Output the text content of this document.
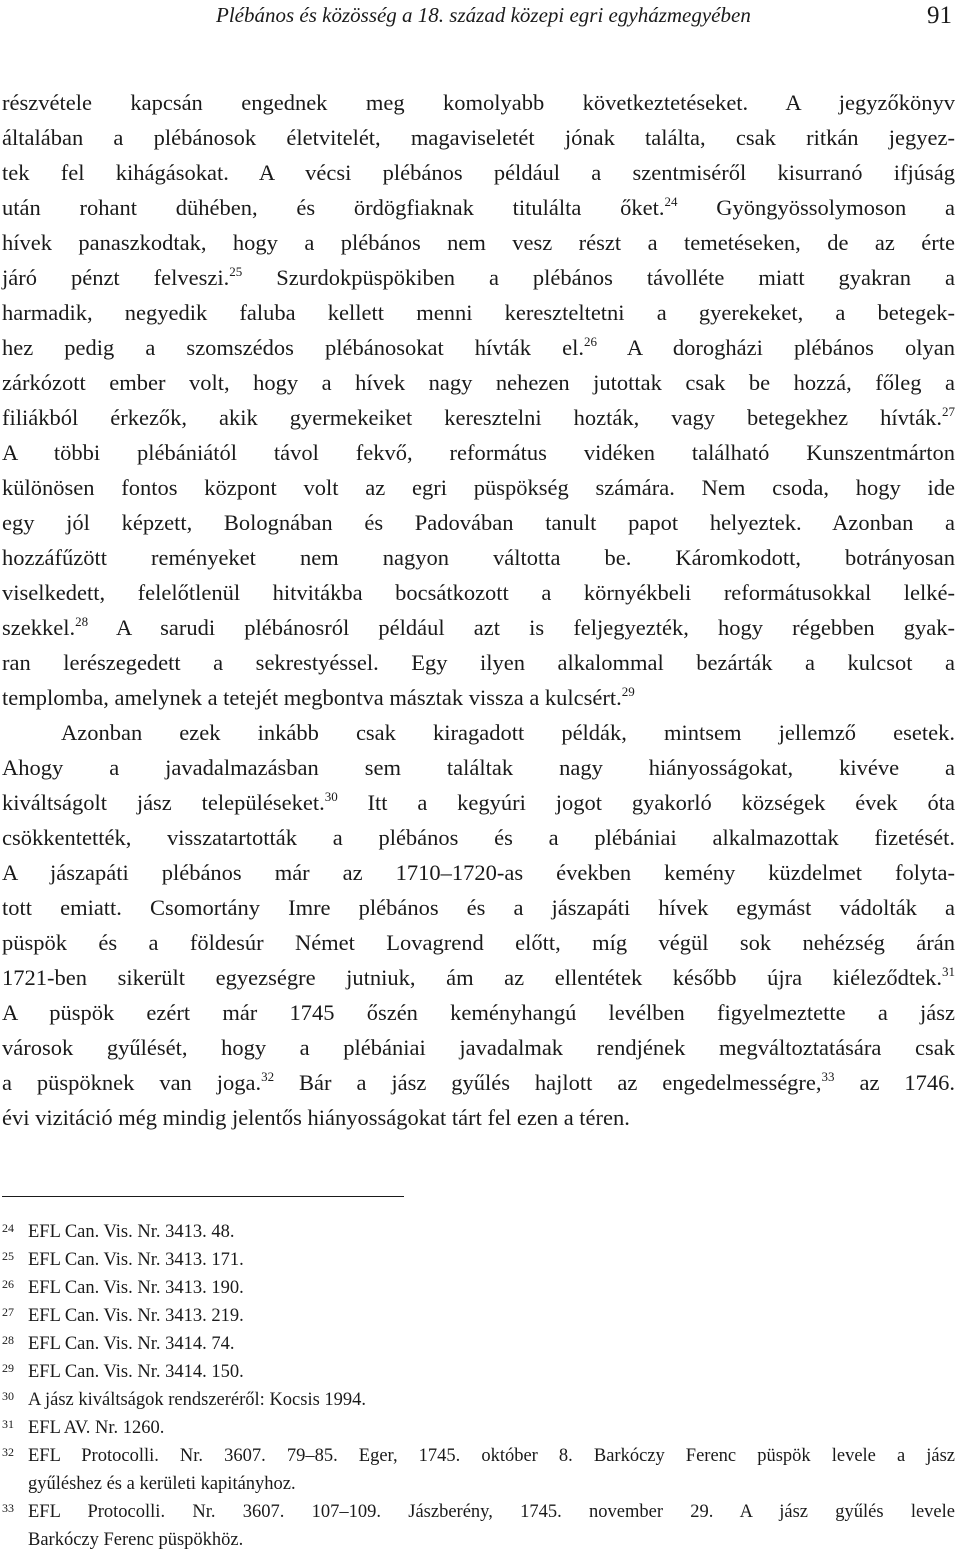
Plébános és közösség a 18. század közepi egri egyházmegyében	91
részvétele kapcsán engednek meg komolyabb következtetéseket. A jegyzőkönyv
általában a plébánosok életvitelét, magaviseletét jónak találta, csak ritkán jegyez-
tek fel kihágásokat. A vécsi plébános például a szentmiséről kisurranó ifjúság
után rohant dühében, és ördögfiaknak titulálta őket.$^{24}$ Gyöngyössolymoson a
hívek panaszkodtak, hogy a plébános nem vesz részt a temetéseken, de az érte
járó pénzt felveszi.$^{25}$ Szurdokpüspökiben a plébános távolléte miatt gyakran a
harmadik, negyedik faluba kellett menni kereszteltetni a gyerekeket, a betegek-
hez pedig a szomszédos plébánosokat hívták el.$^{26}$ A dorogházi plébános olyan
zárkózott ember volt, hogy a hívek nagy nehezen jutottak csak be hozzá, főleg a
filiákból érkezők, akik gyermekeiket keresztelni hozták, vagy betegekhez hívták.$^{27}$
A többi plébániától távol fekvő, református vidéken található Kunszentmárton
különösen fontos központ volt az egri püspökség számára. Nem csoda, hogy ide
egy jól képzett, Bolognában és Padovában tanult papot helyeztek. Azonban a
hozzáfűzött reményeket nem nagyon váltotta be. Káromkodott, botrányosan
viselkedett, felelőtlenül hitvitákba bocsátkozott a környékbeli reformátusokkal lelké-
szekkel.$^{28}$ A sarudi plébánosról például azt is feljegyezték, hogy régebben gyak-
ran lerészegedett a sekrestyéssel. Egy ilyen alkalommal bezárták a kulcsot a
templomba, amelynek a tetejét megbontva másztak vissza a kulcsért.$^{29}$
Azonban ezek inkább csak kiragadott példák, mintsem jellemző esetek.
Ahogy a javadalmazásban sem találtak nagy hiányosságokat, kivéve a
kiváltságolt jász településeket.$^{30}$ Itt a kegyúri jogot gyakorló községek évek óta
csökkentették, visszatartották a plébános és a plébániai alkalmazottak fizetését.
A jászapáti plébános már az 1710–1720-as években kemény küzdelmet folyta-
tott emiatt. Csomortány Imre plébános és a jászapáti hívek egymást vádolták a
püspök és a földesúr Német Lovagrend előtt, míg végül sok nehézség árán
1721-ben sikerült egyezségre jutniuk, ám az ellentétek később újra kiéleződtek.$^{31}$
A püspök ezért már 1745 őszén keményhangú levélben figyelmeztette a jász
városok gyűlését, hogy a plébániai javadalmak rendjének megváltoztatására csak
a püspöknek van joga.$^{32}$ Bár a jász gyűlés hajlott az engedelmességre,$^{33}$ az 1746.
évi vizitáció még mindig jelentős hiányosságokat tárt fel ezen a téren.
24 EFL Can. Vis. Nr. 3413. 48.
25 EFL Can. Vis. Nr. 3413. 171.
26 EFL Can. Vis. Nr. 3413. 190.
27 EFL Can. Vis. Nr. 3413. 219.
28 EFL Can. Vis. Nr. 3414. 74.
29 EFL Can. Vis. Nr. 3414. 150.
30 A jász kiváltságok rendszeréről: Kocsis 1994.
31 EFL AV. Nr. 1260.
32 EFL Protocolli. Nr. 3607. 79–85. Eger, 1745. október 8. Barkóczy Ferenc püspök levele a jász
gyűléshez és a kerületi kapitányhoz.
33 EFL Protocolli. Nr. 3607. 107–109. Jászberény, 1745. november 29. A jász gyűlés levele
Barkóczy Ferenc püspökhöz.
